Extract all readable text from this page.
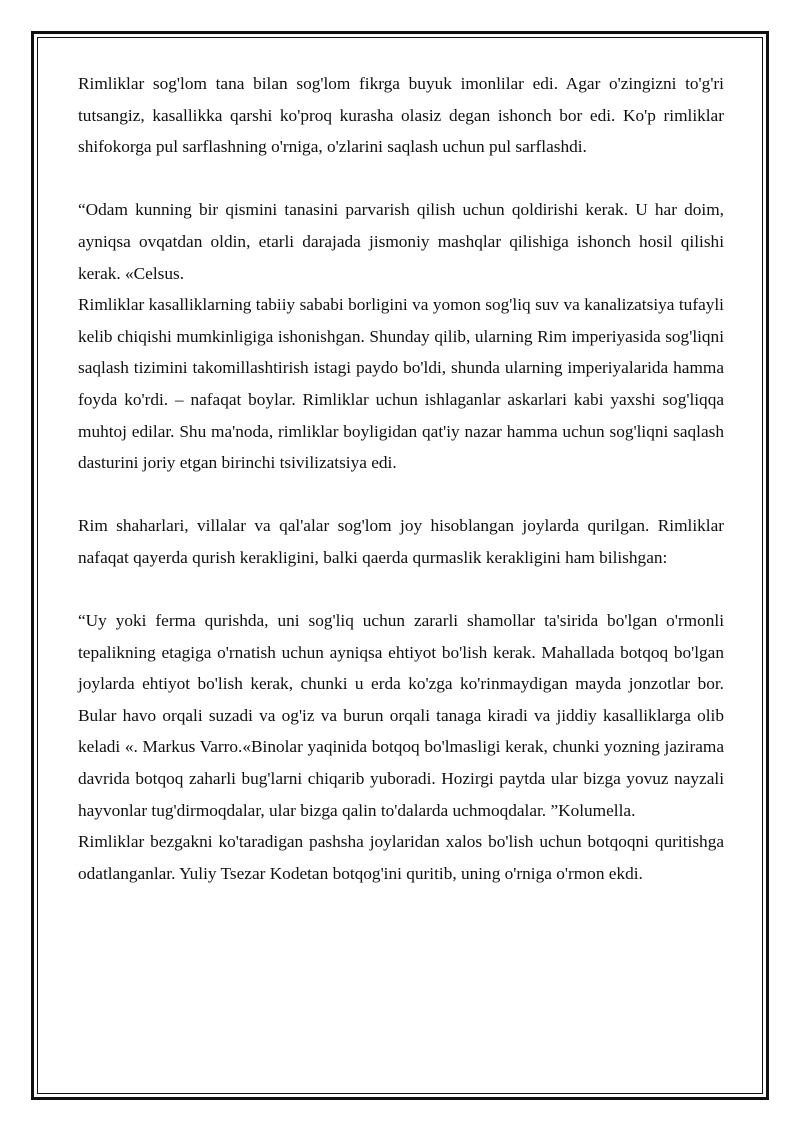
Rimliklar sog'lom tana bilan sog'lom fikrga buyuk imonlilar edi. Agar o'zingizni to'g'ri tutsangiz, kasallikka qarshi ko'proq kurasha olasiz degan ishonch bor edi. Ko'p rimliklar shifokorga pul sarflashning o'rniga, o'zlarini saqlash uchun pul sarflashdi.

“Odam kunning bir qismini tanasini parvarish qilish uchun qoldirishi kerak. U har doim, ayniqsa ovqatdan oldin, etarli darajada jismoniy mashqlar qilishiga ishonch hosil qilishi kerak. «Celsus.

Rimliklar kasalliklarning tabiiy sababi borligini va yomon sog'liq suv va kanalizatsiya tufayli kelib chiqishi mumkinligiga ishonishgan. Shunday qilib, ularning Rim imperiyasida sog'liqni saqlash tizimini takomillashtirish istagi paydo bo'ldi, shunda ularning imperiyalarida hamma foyda ko'rdi. – nafaqat boylar. Rimliklar uchun ishlaganlar askarlari kabi yaxshi sog'liqqa muhtoj edilar. Shu ma'noda, rimliklar boyligidan qat'iy nazar hamma uchun sog'liqni saqlash dasturini joriy etgan birinchi tsivilizatsiya edi.

Rim shaharlari, villalar va qal'alar sog'lom joy hisoblangan joylarda qurilgan. Rimliklar nafaqat qayerda qurish kerakligini, balki qaerda qurmaslik kerakligini ham bilishgan:

“Uy yoki ferma qurishda, uni sog'liq uchun zararli shamollar ta'sirida bo'lgan o'rmonli tepalikning etagiga o'rnatish uchun ayniqsa ehtiyot bo'lish kerak. Mahallada botqoq bo'lgan joylarda ehtiyot bo'lish kerak, chunki u erda ko'zga ko'rinmaydigan mayda jonzotlar bor. Bular havo orqali suzadi va og'iz va burun orqali tanaga kiradi va jiddiy kasalliklarga olib keladi «. Markus Varro.«Binolar yaqinida botqoq bo'lmasligi kerak, chunki yozning jazirama davrida botqoq zaharli bug'larni chiqarib yuboradi. Hozirgi paytda ular bizga yovuz nayzali hayvonlar tug'dirmoqdalar, ular bizga qalin to'dalarda uchmoqdalar. ”Kolumella.

Rimliklar bezgakni ko'taradigan pashsha joylaridan xalos bo'lish uchun botqoqni quritishga odatlanganlar. Yuliy Tsezar Kodetan botqog'ini quritib, uning o'rniga o'rmon ekdi.
